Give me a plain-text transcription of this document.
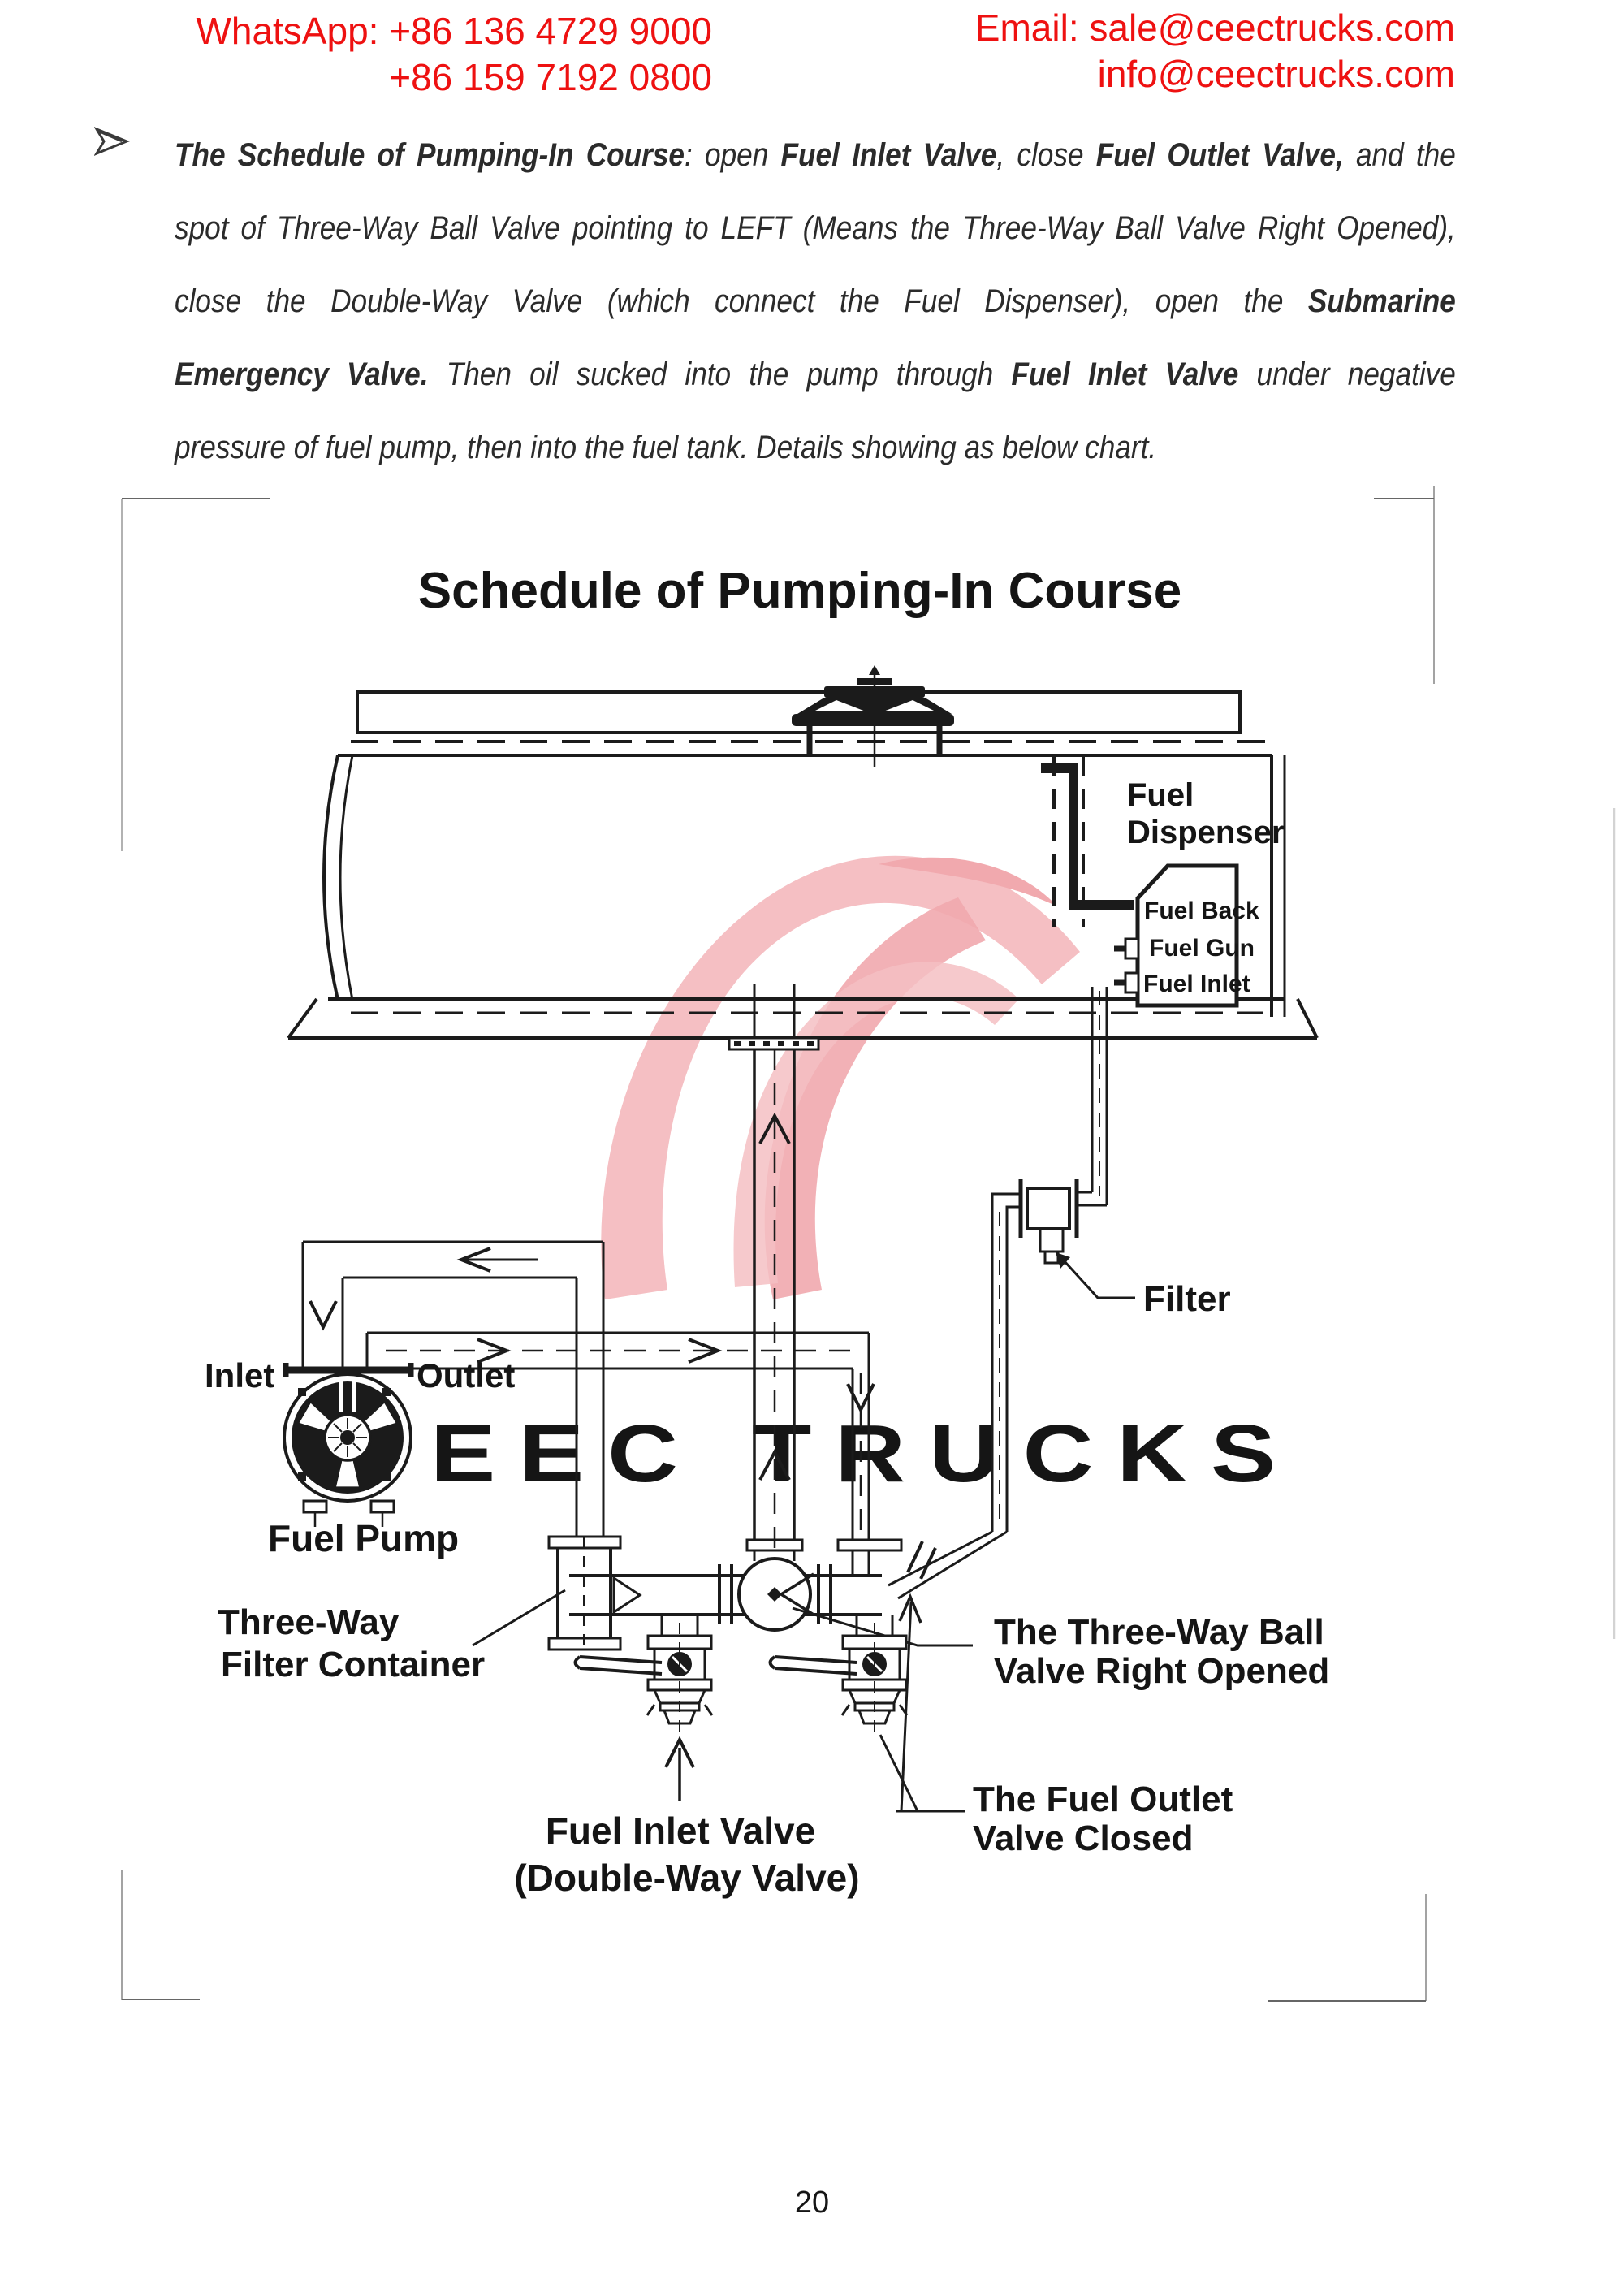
WhatsApp: +86 136 4729 9000
+86 159 7192 0800
Email: sale@ceectrucks.com
info@ceectrucks.com
The Schedule of Pumping-In Course: open Fuel Inlet Valve, close Fuel Outlet Valve, and the
spot of Three-Way Ball Valve pointing to LEFT (Means the Three-Way Ball Valve Right Opened),
close the Double-Way Valve (which connect the Fuel Dispenser), open the Submarine
Emergency Valve. Then oil sucked into the pump through Fuel Inlet Valve under negative
pressure of fuel pump, then into the fuel tank. Details showing as below chart.
EEC TRUCKS
Schedule of Pumping-In Course
Fuel
Dispenser
Fuel Back
Fuel Gun
Fuel Inlet
Filter
Inlet	Outlet
Fuel Pump
Three-Way
Filter Container
The Three-Way Ball
Valve Right Opened
The Fuel Outlet
Valve Closed
Fuel Inlet Valve
(Double-Way Valve)
20
